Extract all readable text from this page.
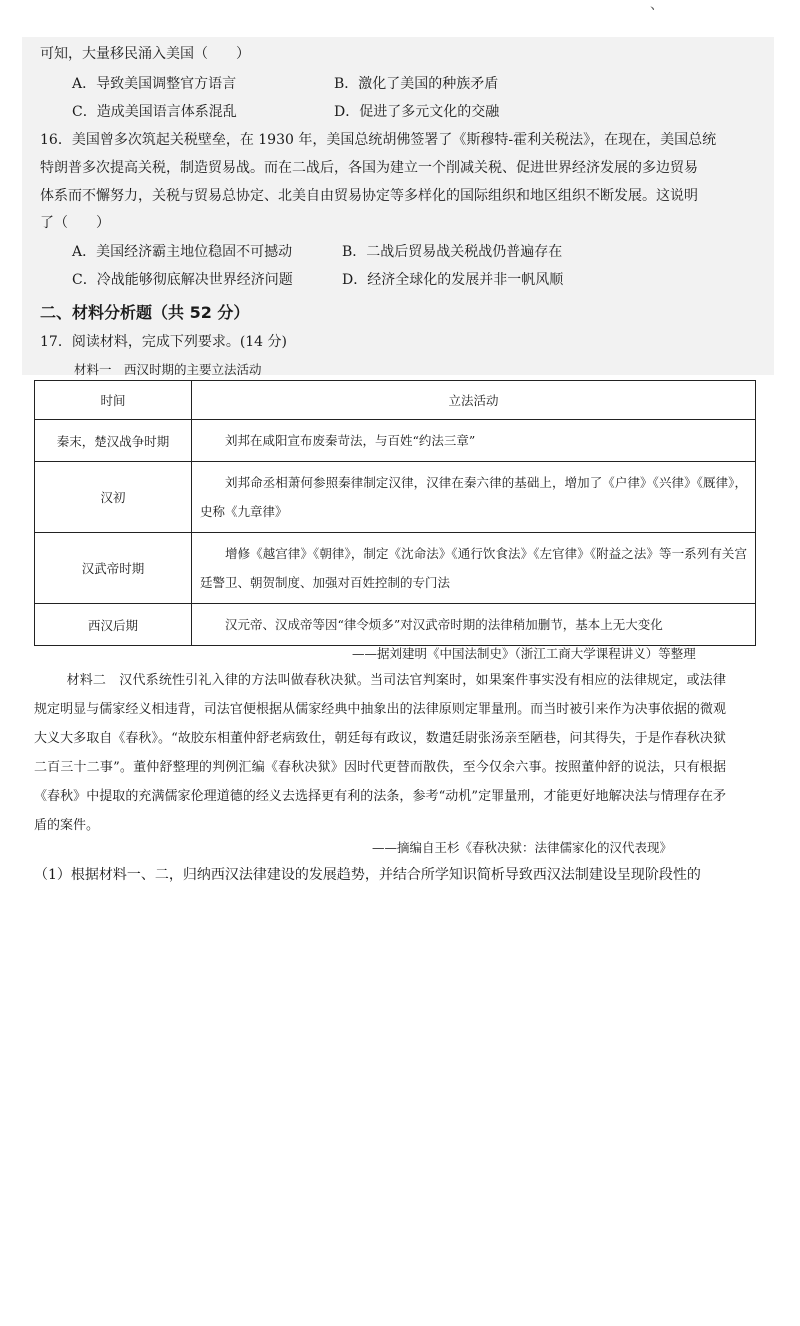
、
可知，大量移民涌入美国（　　）
A．导致美国调整官方语言	B．激化了美国的种族矛盾
C．造成美国语言体系混乱	D．促进了多元文化的交融
16．美国曾多次筑起关税壁垒，在 1930 年，美国总统胡佛签署了《斯穆特-霍利关税法》，在现在，美国总统
特朗普多次提高关税，制造贸易战。而在二战后，各国为建立一个削减关税、促进世界经济发展的多边贸易
体系而不懈努力，关税与贸易总协定、北美自由贸易协定等多样化的国际组织和地区组织不断发展。这说明
了（　　）
A．美国经济霸主地位稳固不可撼动	B．二战后贸易战关税战仍普遍存在
C．冷战能够彻底解决世界经济问题	D．经济全球化的发展并非一帆风顺
二、材料分析题（共 52 分）
17．阅读材料，完成下列要求。(14 分)
材料一　西汉时期的主要立法活动
时间	立法活动
秦末，楚汉战争时期	刘邦在咸阳宣布废秦苛法，与百姓“约法三章”
汉初	刘邦命丞相萧何参照秦律制定汉律，汉律在秦六律的基础上，增加了《户律》《兴律》《厩律》，史称《九章律》
汉武帝时期	增修《越宫律》《朝律》，制定《沈命法》《通行饮食法》《左官律》《附益之法》等一系列有关宫廷警卫、朝贺制度、加强对百姓控制的专门法
西汉后期	汉元帝、汉成帝等因“律令烦多”对汉武帝时期的法律稍加删节，基本上无大变化
——据刘建明《中国法制史》（浙江工商大学课程讲义）等整理
材料二　汉代系统性引礼入律的方法叫做春秋决狱。当司法官判案时，如果案件事实没有相应的法律规定，或法律规定明显与儒家经义相违背，司法官便根据从儒家经典中抽象出的法律原则定罪量刑。而当时被引来作为决事依据的微观大义大多取自《春秋》。“故胶东相董仲舒老病致仕，朝廷每有政议，数遣廷尉张汤亲至陋巷，问其得失，于是作春秋决狱二百三十二事”。董仲舒整理的判例汇编《春秋决狱》因时代更替而散佚，至今仅余六事。按照董仲舒的说法，只有根据《春秋》中提取的充满儒家伦理道德的经义去选择更有利的法条，参考“动机”定罪量刑，才能更好地解决法与情理存在矛盾的案件。
——摘编自王杉《春秋决狱：法律儒家化的汉代表现》
（1）根据材料一、二，归纳西汉法律建设的发展趋势，并结合所学知识简析导致西汉法制建设呈现阶段性的
